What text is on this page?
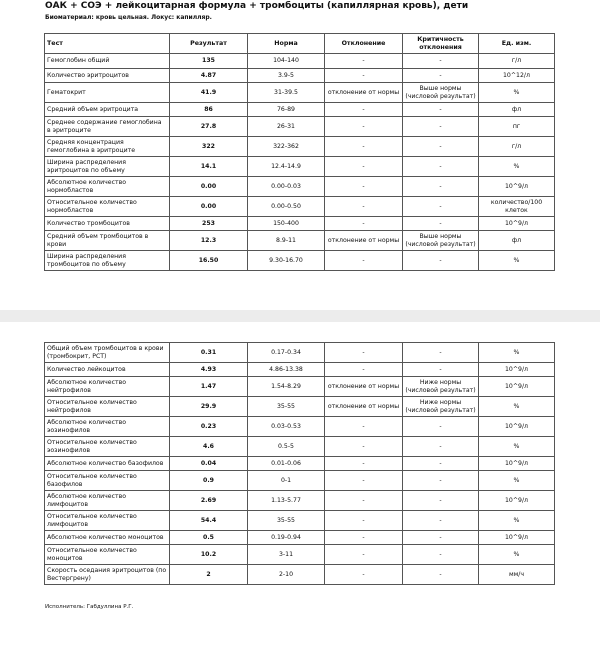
ОАК + СОЭ + лейкоцитарная формула + тромбоциты (капиллярная кровь), дети
Биоматериал: кровь цельная. Локус: капилляр.
Тест	Результат	Норма	Отклонение	Критичность отклонения	Ед. изм.
Гемоглобин общий	135	104-140	-	-	г/л
Количество эритроцитов	4.87	3.9-5	-	-	10^12/л
Гематокрит	41.9	31-39.5	отклонение от нормы	Выше нормы (числовой результат)	%
Средний объем эритроцита	86	76-89	-	-	фл
Среднее содержание гемоглобина в эритроците	27.8	26-31	-	-	пг
Средняя концентрация гемоглобина в эритроците	322	322-362	-	-	г/л
Ширина распределения эритроцитов по объему	14.1	12.4-14.9	-	-	%
Абсолютное количество нормобластов	0.00	0.00-0.03	-	-	10^9/л
Относительное количество нормобластов	0.00	0.00-0.50	-	-	количество/100 клеток
Количество тромбоцитов	253	150-400	-	-	10^9/л
Средний объем тромбоцитов в крови	12.3	8.9-11	отклонение от нормы	Выше нормы (числовой результат)	фл
Ширина распределения тромбоцитов по объему	16.50	9.30-16.70	-	-	%
Общий объем тромбоцитов в крови (тромбокрит, PCT)	0.31	0.17-0.34	-	-	%
Количество лейкоцитов	4.93	4.86-13.38	-	-	10^9/л
Абсолютное количество нейтрофилов	1.47	1.54-8.29	отклонение от нормы	Ниже нормы (числовой результат)	10^9/л
Относительное количество нейтрофилов	29.9	35-55	отклонение от нормы	Ниже нормы (числовой результат)	%
Абсолютное количество эозинофилов	0.23	0.03-0.53	-	-	10^9/л
Относительное количество эозинофилов	4.6	0.5-5	-	-	%
Абсолютное количество базофилов	0.04	0.01-0.06	-	-	10^9/л
Относительное количество базофилов	0.9	0-1	-	-	%
Абсолютное количество лимфоцитов	2.69	1.13-5.77	-	-	10^9/л
Относительное количество лимфоцитов	54.4	35-55	-	-	%
Абсолютное количество моноцитов	0.5	0.19-0.94	-	-	10^9/л
Относительное количество моноцитов	10.2	3-11	-	-	%
Скорость оседания эритроцитов (по Вестергрену)	2	2-10	-	-	мм/ч
Исполнитель: Габдуллина Р.Г.
